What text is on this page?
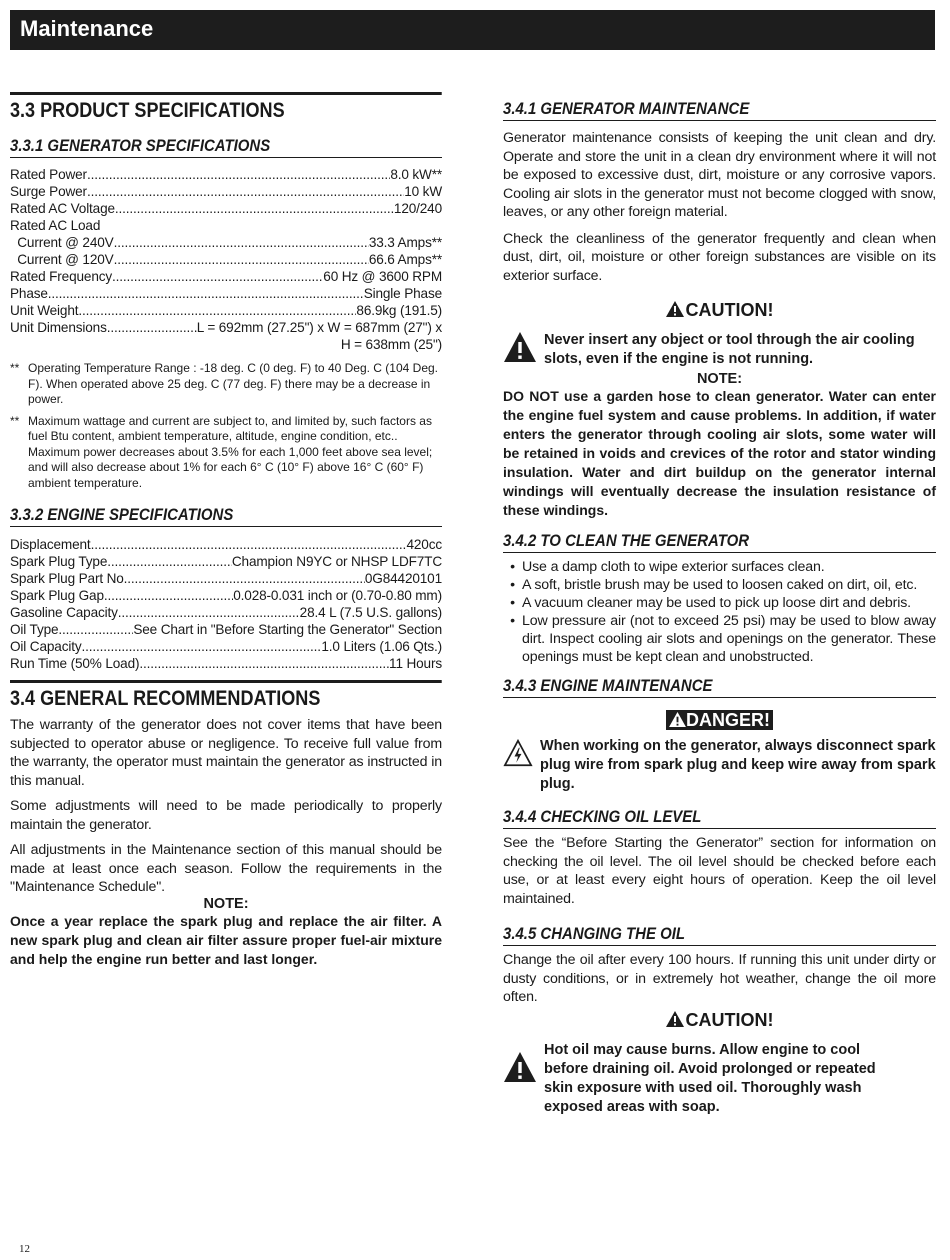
Maintenance
3.3 PRODUCT SPECIFICATIONS
3.3.1 GENERATOR SPECIFICATIONS
Rated Power .....	8.0 kW**
Surge Power .....	10 kW
Rated AC Voltage .....	120/240
Rated AC Load
Current @ 240V .....	33.3 Amps**
Current @ 120V .....	66.6 Amps**
Rated Frequency .....	60 Hz @ 3600 RPM
Phase .....	Single Phase
Unit Weight .....	86.9kg (191.5)
Unit Dimensions .....	L = 692mm (27.25") x W = 687mm (27") x
H = 638mm (25")

** Operating Temperature Range : -18 deg. C (0 deg. F) to 40 Deg. C (104 Deg. F). When operated above 25 deg. C (77 deg. F) there may be a decrease in power.

** Maximum wattage and current are subject to, and limited by, such factors as fuel Btu content, ambient temperature, altitude, engine condition, etc.. Maximum power decreases about 3.5% for each 1,000 feet above sea level; and will also decrease about 1% for each 6° C (10° F) above 16° C (60° F) ambient temperature.

3.3.2 ENGINE SPECIFICATIONS
Displacement .....	420cc
Spark Plug Type .....	Champion N9YC or NHSP LDF7TC
Spark Plug Part No. .....	0G84420101
Spark Plug Gap .....	0.028-0.031 inch or (0.70-0.80 mm)
Gasoline Capacity .....	28.4 L (7.5 U.S. gallons)
Oil Type .....	See Chart in "Before Starting the Generator" Section
Oil Capacity .....	1.0 Liters (1.06 Qts.)
Run Time (50% Load) .....	11 Hours
3.4 GENERAL RECOMMENDATIONS

The warranty of the generator does not cover items that have been subjected to operator abuse or negligence. To receive full value from the warranty, the operator must maintain the generator as instructed in this manual.

Some adjustments will need to be made periodically to properly maintain the generator.

All adjustments in the Maintenance section of this manual should be made at least once each season. Follow the requirements in the "Maintenance Schedule".

NOTE:

Once a year replace the spark plug and replace the air filter. A new spark plug and clean air filter assure proper fuel-air mixture and help the engine run better and last longer.

3.4.1 GENERATOR MAINTENANCE

Generator maintenance consists of keeping the unit clean and dry. Operate and store the unit in a clean dry environment where it will not be exposed to excessive dust, dirt, moisture or any corrosive vapors. Cooling air slots in the generator must not become clogged with snow, leaves, or any other foreign material.

Check the cleanliness of the generator frequently and clean when dust, dirt, oil, moisture or other foreign substances are visible on its exterior surface.

CAUTION!

Never insert any object or tool through the air cooling slots, even if the engine is not running.

NOTE:

DO NOT use a garden hose to clean generator. Water can enter the engine fuel system and cause problems. In addition, if water enters the generator through cooling air slots, some water will be retained in voids and crevices of the rotor and stator winding insulation. Water and dirt buildup on the generator internal windings will eventually decrease the insulation resistance of these windings.

3.4.2 TO CLEAN THE GENERATOR
• Use a damp cloth to wipe exterior surfaces clean.
• A soft, bristle brush may be used to loosen caked on dirt, oil, etc.
• A vacuum cleaner may be used to pick up loose dirt and debris.
• Low pressure air (not to exceed 25 psi) may be used to blow away dirt. Inspect cooling air slots and openings on the generator. These openings must be kept clean and unobstructed.
3.4.3 ENGINE MAINTENANCE

DANGER!

When working on the generator, always disconnect spark plug wire from spark plug and keep wire away from spark plug.
3.4.4 CHECKING OIL LEVEL

See the “Before Starting the Generator” section for information on checking the oil level. The oil level should be checked before each use, or at least every eight hours of operation. Keep the oil level maintained.

3.4.5 CHANGING THE OIL

Change the oil after every 100 hours. If running this unit under dirty or dusty conditions, or in extremely hot weather, change the oil more often.

CAUTION!

Hot oil may cause burns. Allow engine to cool before draining oil. Avoid prolonged or repeated skin exposure with used oil. Thoroughly wash exposed areas with soap.
12
